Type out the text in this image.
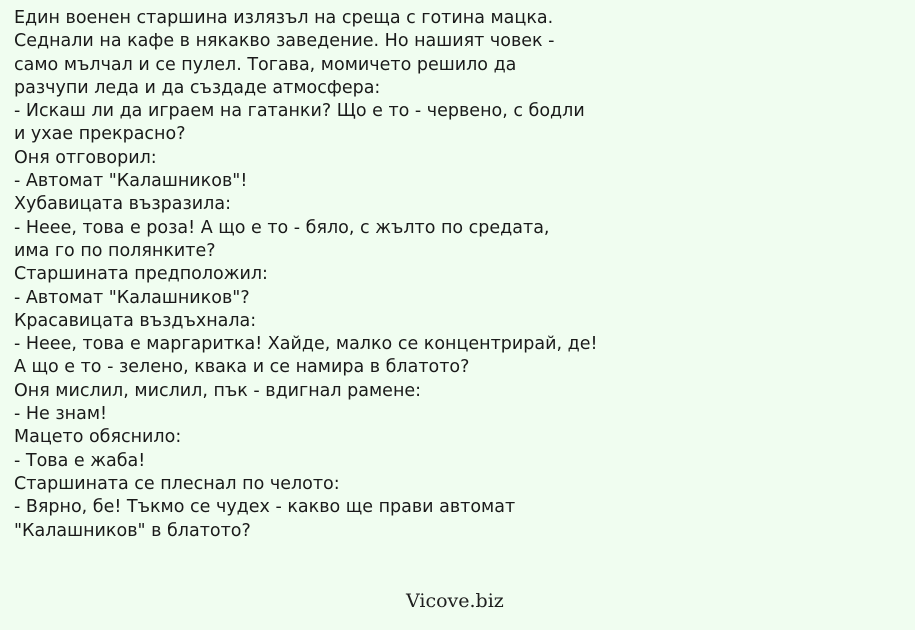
Един военен старшина излязъл на среща с готина мацка.
Седнали на кафе в някакво заведение. Но нашият човек -
само мълчал и се пулел. Тогава, момичето решило да
разчупи леда и да създаде атмосфера:
- Искаш ли да играем на гатанки? Що е то - червено, с бодли
и ухае прекрасно?
Оня отговорил:
- Автомат "Калашников"!
Хубавицата възразила:
- Неее, това е роза! А що е то - бяло, с жълто по средата,
има го по полянките?
Старшината предположил:
- Автомат "Калашников"?
Красавицата въздъхнала:
- Неее, това е маргаритка! Хайде, малко се концентрирай, де!
А що е то - зелено, квака и се намира в блатото?
Оня мислил, мислил, пък - вдигнал рамене:
- Не знам!
Мацето обяснило:
- Това е жаба!
Старшината се плеснал по челото:
- Вярно, бе! Тъкмо се чудех - какво ще прави автомат
"Калашников" в блатото?
Vicove.biz
